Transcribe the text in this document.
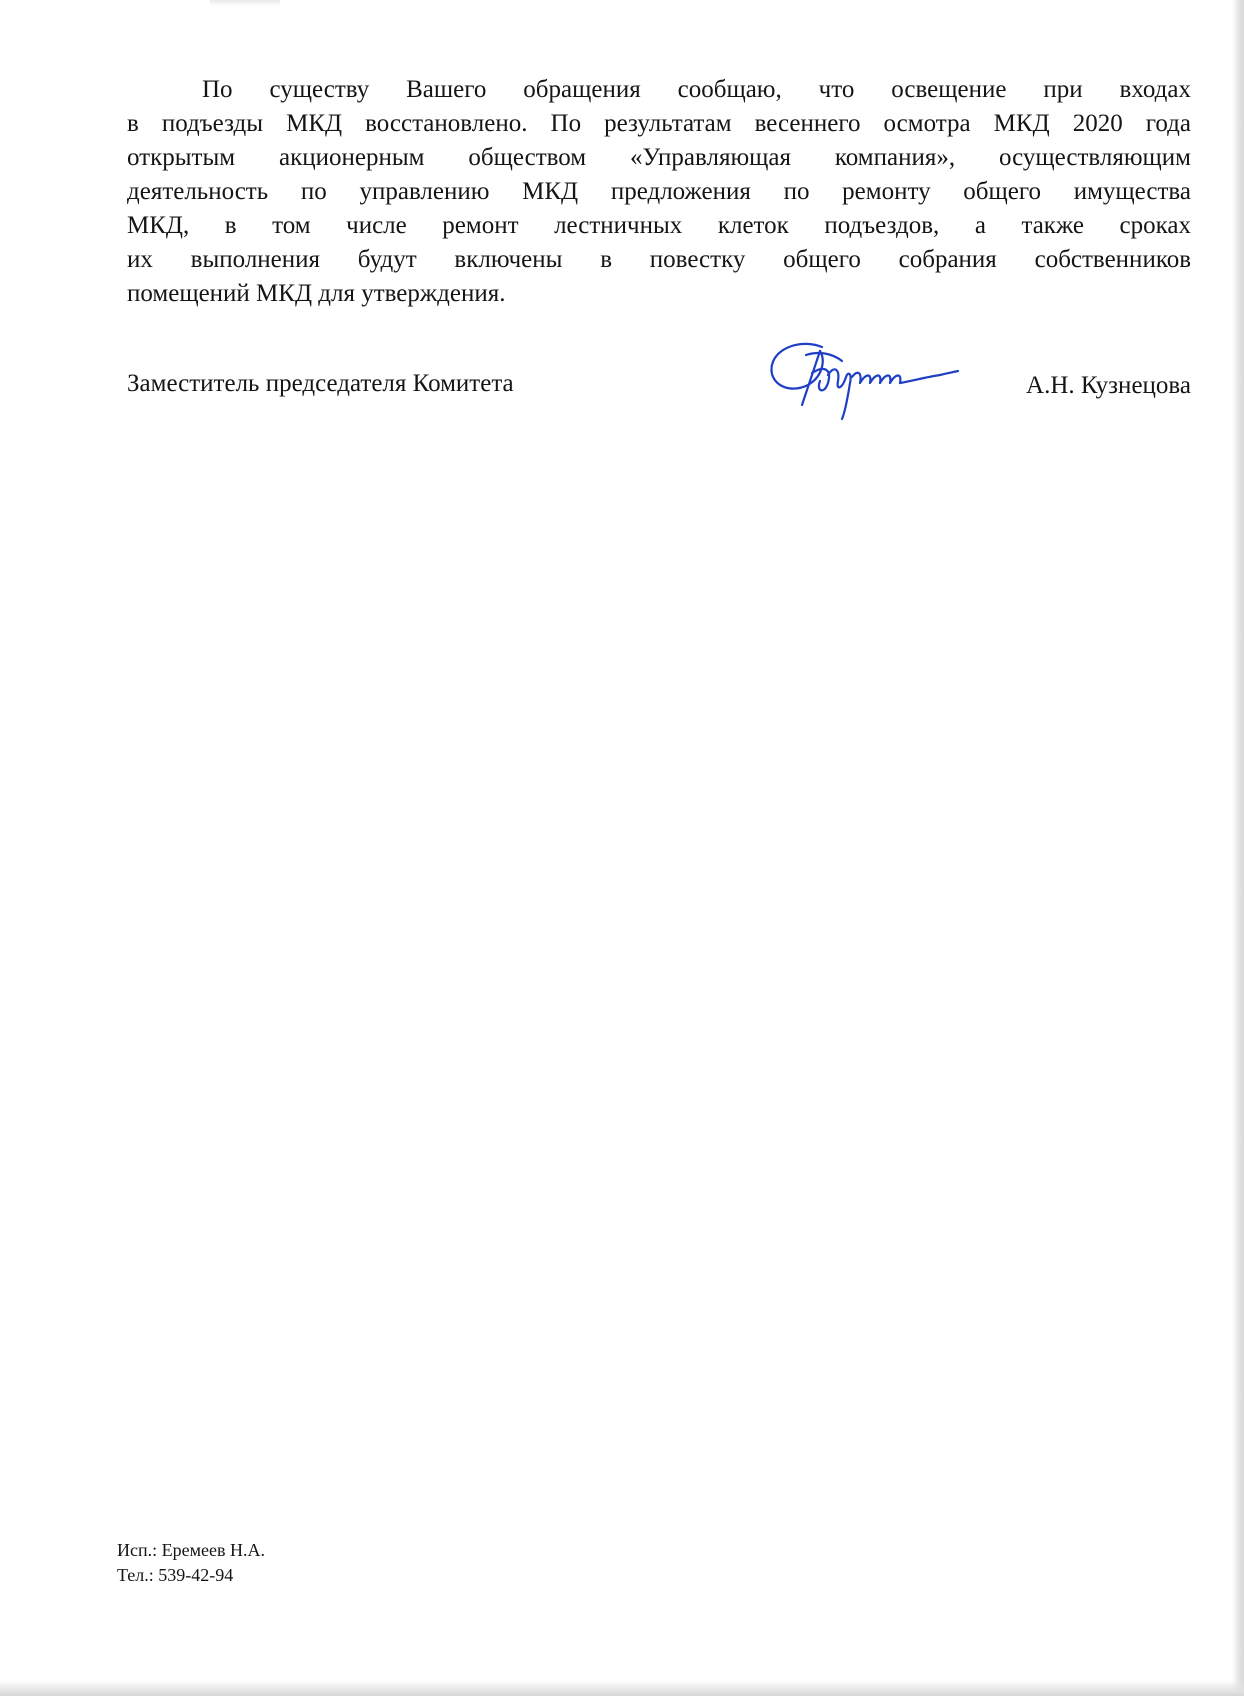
По существу Вашего обращения сообщаю, что освещение при входах
в подъезды МКД восстановлено. По результатам весеннего осмотра МКД 2020 года
открытым акционерным обществом «Управляющая компания», осуществляющим
деятельность по управлению МКД предложения по ремонту общего имущества
МКД, в том числе ремонт лестничных клеток подъездов, а также сроках
их выполнения будут включены в повестку общего собрания собственников
помещений МКД для утверждения.
Заместитель председателя Комитета	А.Н. Кузнецова
Исп.: Еремеев Н.А.
Тел.: 539-42-94
